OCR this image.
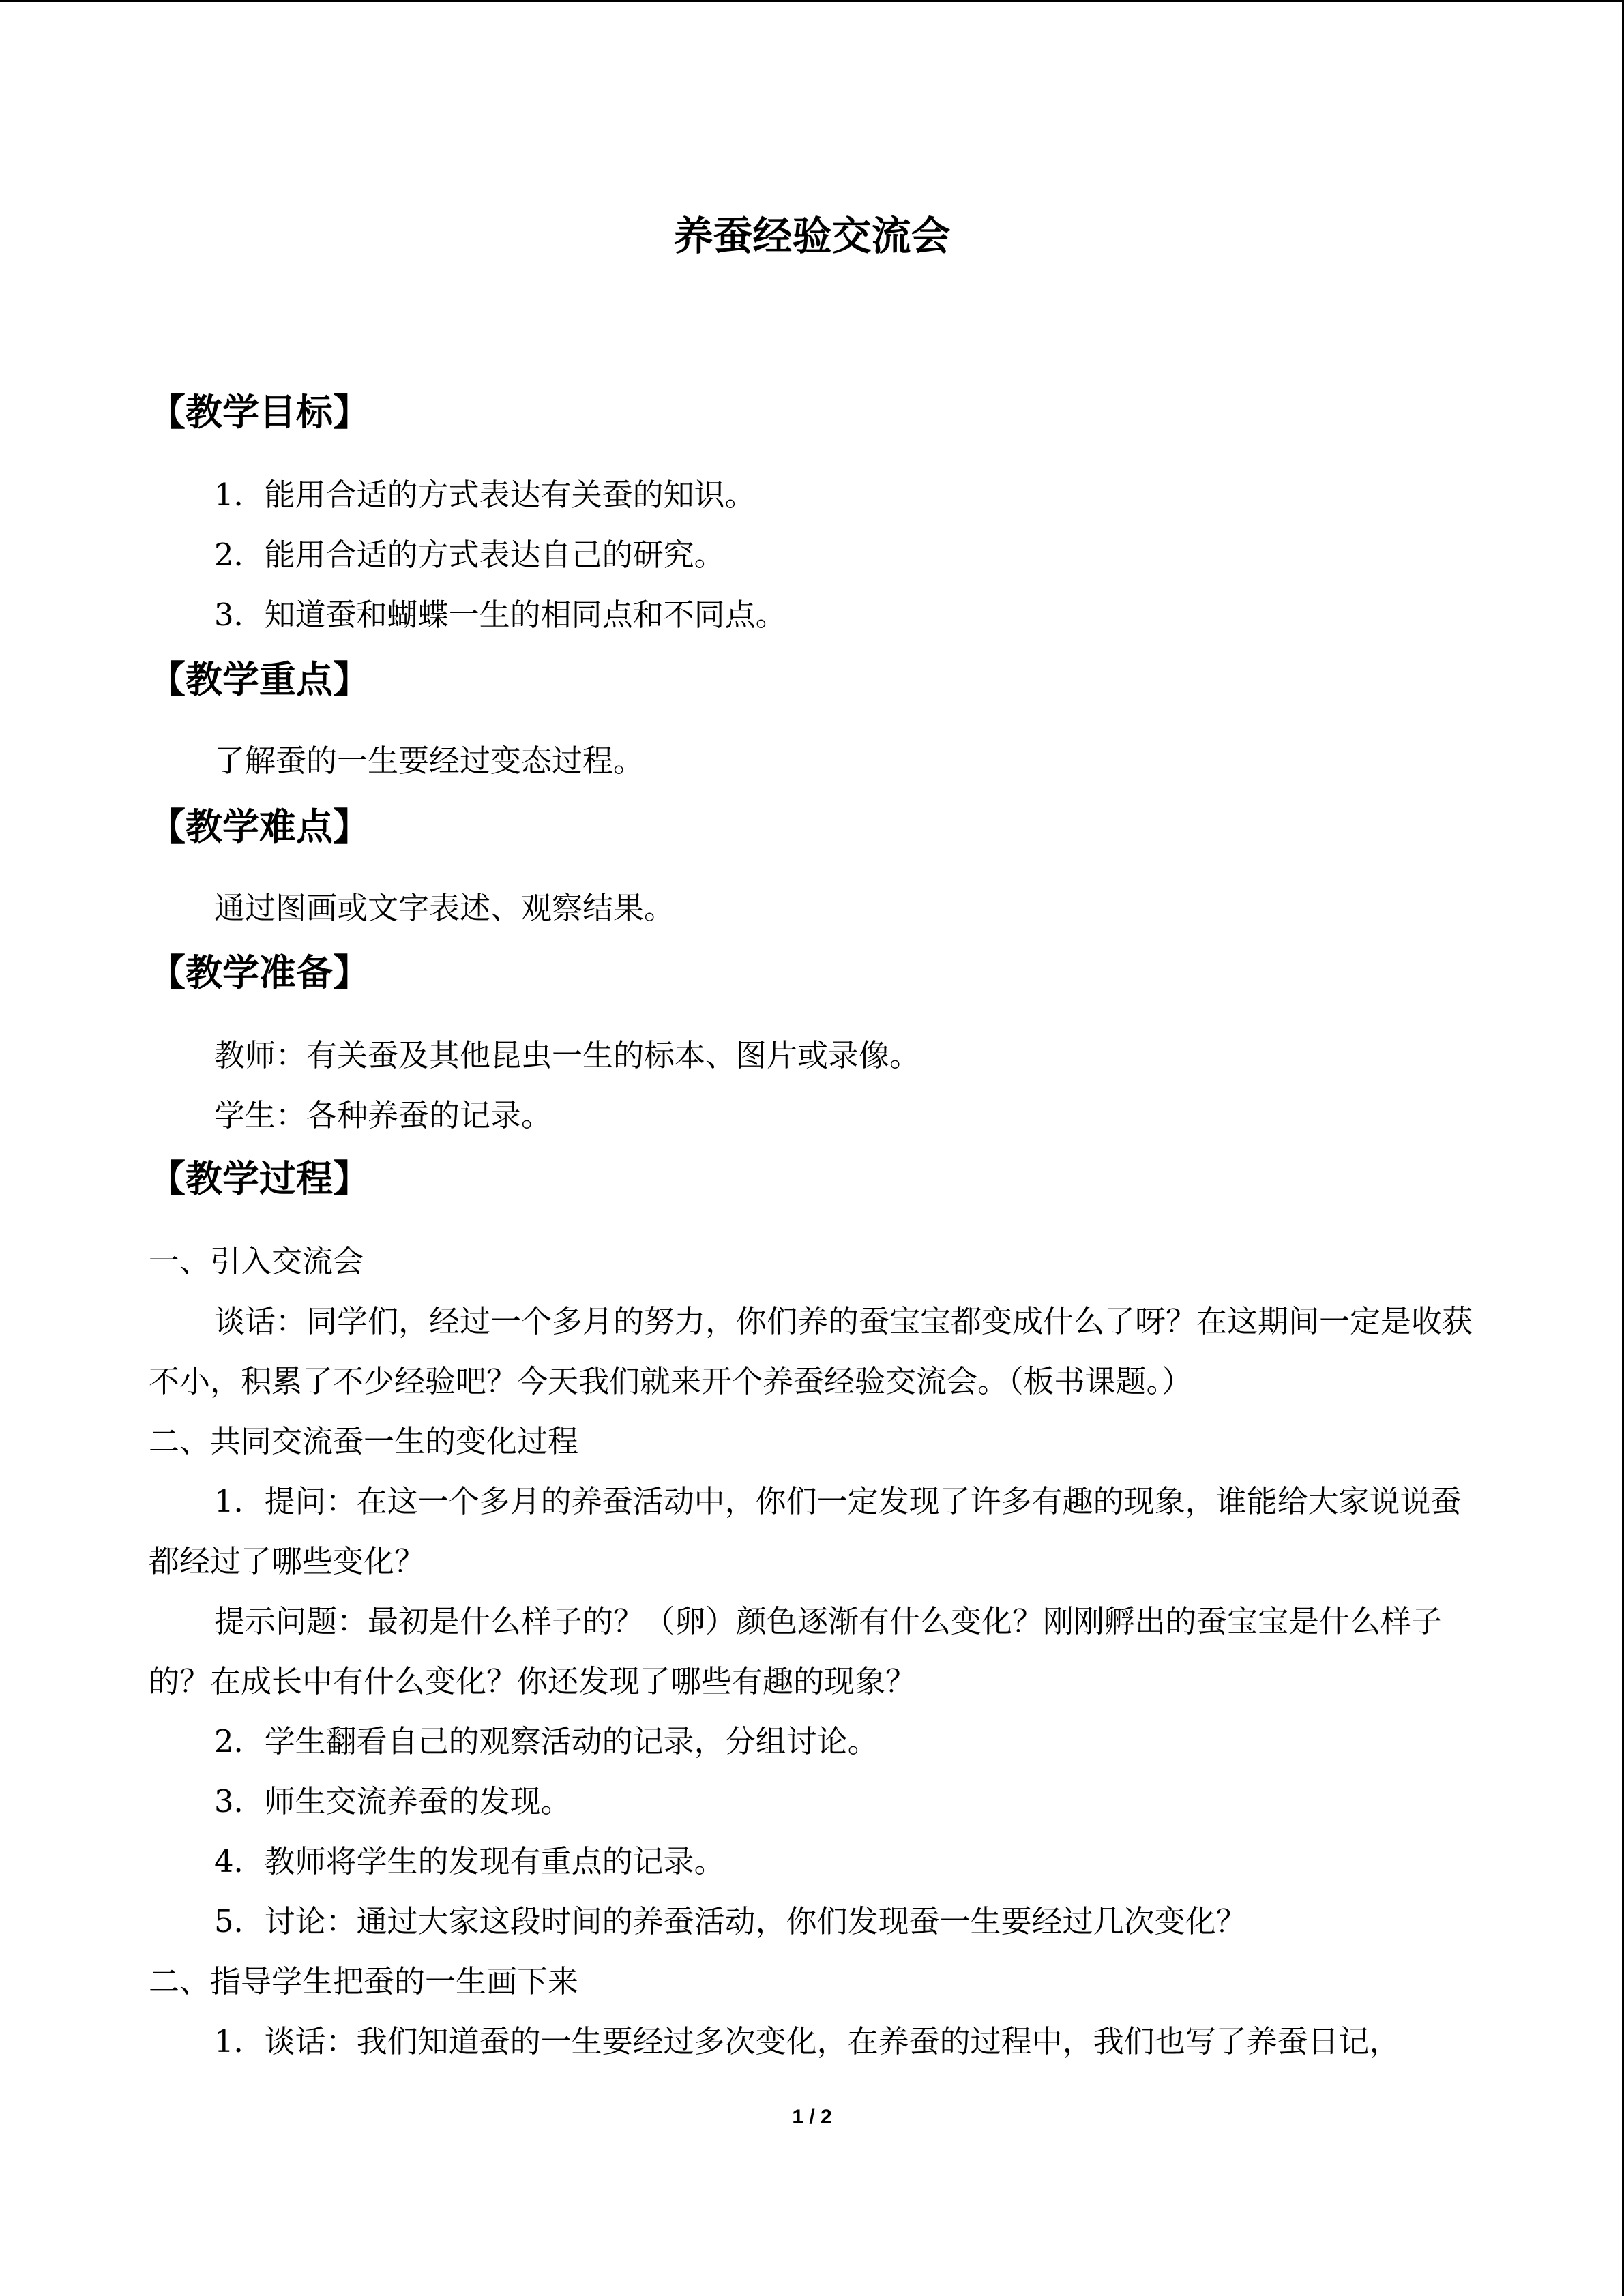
养蚕经验交流会
【教学目标】
1．能用合适的方式表达有关蚕的知识。
2．能用合适的方式表达自己的研究。
3．知道蚕和蝴蝶一生的相同点和不同点。
【教学重点】
了解蚕的一生要经过变态过程。
【教学难点】
通过图画或文字表述、观察结果。
【教学准备】
教师：有关蚕及其他昆虫一生的标本、图片或录像。
学生：各种养蚕的记录。
【教学过程】
一、引入交流会
谈话：同学们，经过一个多月的努力，你们养的蚕宝宝都变成什么了呀？在这期间一定是收获不小，积累了不少经验吧？今天我们就来开个养蚕经验交流会。（板书课题。）
二、共同交流蚕一生的变化过程
1．提问：在这一个多月的养蚕活动中，你们一定发现了许多有趣的现象，谁能给大家说说蚕都经过了哪些变化？
提示问题：最初是什么样子的？（卵）颜色逐渐有什么变化？刚刚孵出的蚕宝宝是什么样子的？在成长中有什么变化？你还发现了哪些有趣的现象？
2．学生翻看自己的观察活动的记录，分组讨论。
3．师生交流养蚕的发现。
4．教师将学生的发现有重点的记录。
5．讨论：通过大家这段时间的养蚕活动，你们发现蚕一生要经过几次变化？
二、指导学生把蚕的一生画下来
1．谈话：我们知道蚕的一生要经过多次变化，在养蚕的过程中，我们也写了养蚕日记，
1 / 2
